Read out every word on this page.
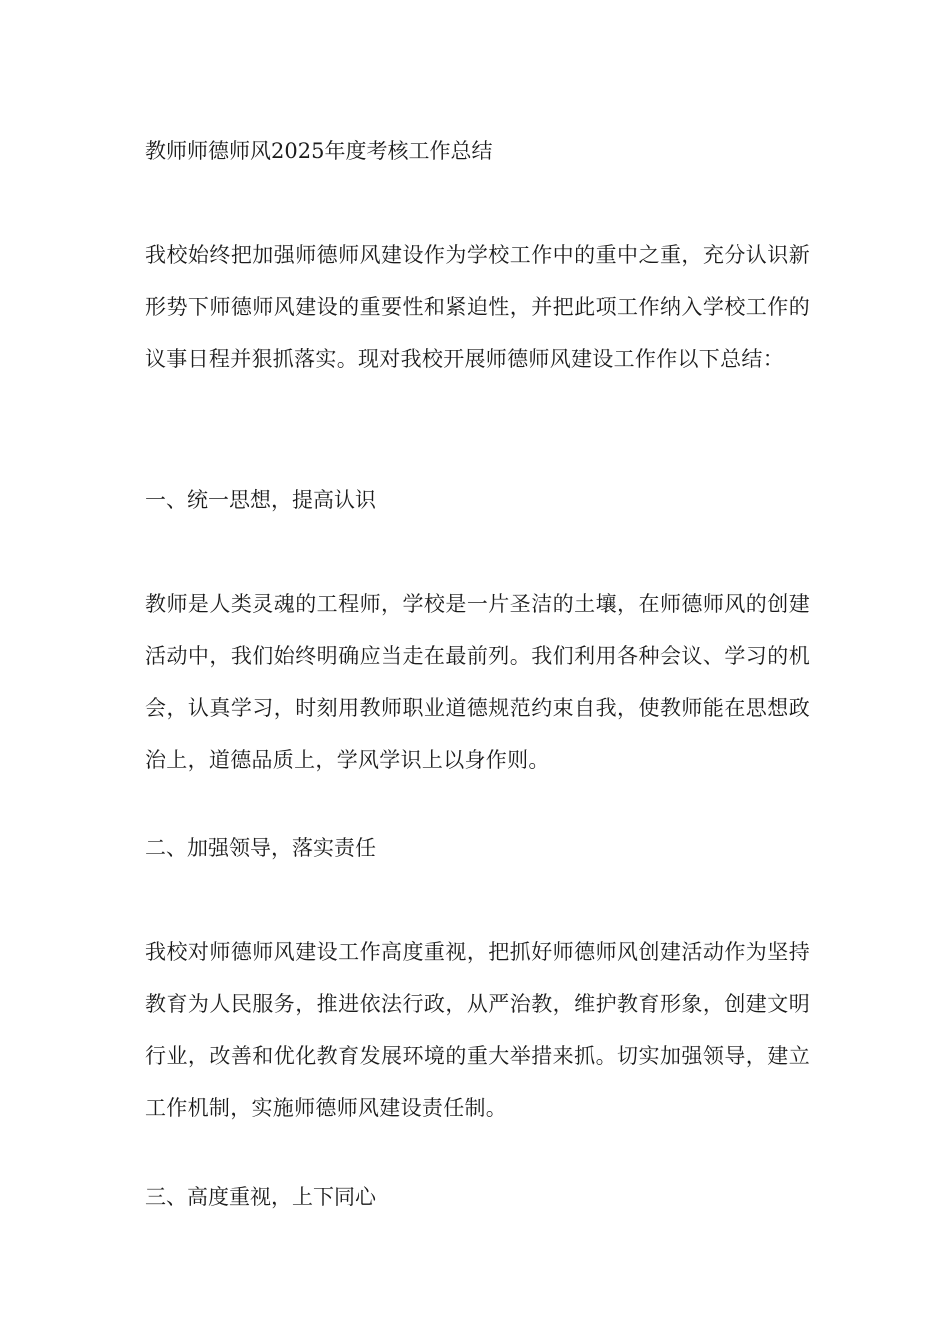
教师师德师风2025年度考核工作总结

我校始终把加强师德师风建设作为学校工作中的重中之重，充分认识新形势下师德师风建设的重要性和紧迫性，并把此项工作纳入学校工作的议事日程并狠抓落实。现对我校开展师德师风建设工作作以下总结：

一、统一思想，提高认识

教师是人类灵魂的工程师，学校是一片圣洁的土壤，在师德师风的创建活动中，我们始终明确应当走在最前列。我们利用各种会议、学习的机会，认真学习，时刻用教师职业道德规范约束自我，使教师能在思想政治上，道德品质上，学风学识上以身作则。

二、加强领导，落实责任

我校对师德师风建设工作高度重视，把抓好师德师风创建活动作为坚持教育为人民服务，推进依法行政，从严治教，维护教育形象，创建文明行业，改善和优化教育发展环境的重大举措来抓。切实加强领导，建立工作机制，实施师德师风建设责任制。

三、高度重视，上下同心
